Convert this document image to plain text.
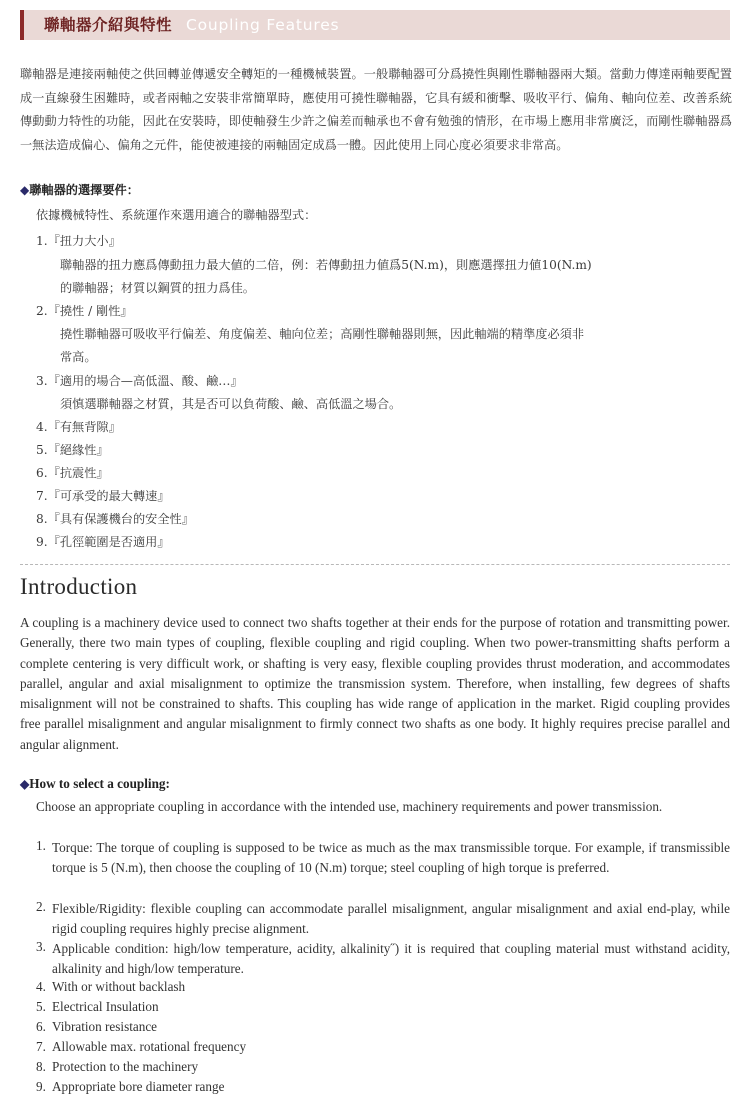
聯軸器介紹與特性 Coupling Features
聯軸器是連接兩軸使之供回轉並傳遞安全轉矩的一種機械裝置。一般聯軸器可分爲撓性與剛性聯軸器兩大類。當動力傳達兩軸要配置成一直線發生困難時，或者兩軸之安裝非常簡單時，應使用可撓性聯軸器，它具有緩和衝擊、吸收平行、偏角、軸向位差、改善系統傳動動力特性的功能，因此在安裝時，即使軸發生少許之偏差而軸承也不會有勉強的情形，在市場上應用非常廣泛，而剛性聯軸器爲一無法造成偏心、偏角之元件，能使被連接的兩軸固定成爲一體。因此使用上同心度必須要求非常高。
◆聯軸器的選擇要件：
依據機械特性、系統運作來選用適合的聯軸器型式：
1.『扭力大小』
聯軸器的扭力應爲傳動扭力最大値的二倍，例：若傳動扭力値爲5(N.m)，則應選擇扭力値10(N.m)
的聯軸器；材質以鋼質的扭力爲佳。
2.『撓性 / 剛性』
撓性聯軸器可吸收平行偏差、角度偏差、軸向位差；高剛性聯軸器則無，因此軸端的精準度必須非
常高。
3.『適用的場合—高低溫、酸、鹼…』
須慎選聯軸器之材質，其是否可以負荷酸、鹼、高低溫之場合。
4.『有無背隙』
5.『絕緣性』
6.『抗震性』
7.『可承受的最大轉速』
8.『具有保護機台的安全性』
9.『孔徑範圍是否適用』
Introduction
A coupling is a machinery device used to connect two shafts together at their ends for the purpose of rotation and transmitting power. Generally, there two main types of coupling, flexible coupling and rigid coupling. When two power-transmitting shafts perform a complete centering is very difficult work, or shafting is very easy, flexible coupling provides thrust moderation, and accommodates parallel, angular and axial misalignment to optimize the transmission system. Therefore, when installing, few degrees of shafts misalignment will not be constrained to shafts. This coupling has wide range of application in the market. Rigid coupling provides free parallel misalignment and angular misalignment to firmly connect two shafts as one body. It highly requires precise parallel and angular alignment.
◆How to select a coupling:
Choose an appropriate coupling in accordance with the intended use, machinery requirements and power transmission.
1. Torque: The torque of coupling is supposed to be twice as much as the max transmissible torque. For example, if transmissible torque is 5 (N.m), then choose the coupling of 10 (N.m) torque; steel coupling of high torque is preferred.
2. Flexible/Rigidity: flexible coupling can accommodate parallel misalignment, angular misalignment and axial end-play, while rigid coupling requires highly precise alignment.
3. Applicable condition: high/low temperature, acidity, alkalinity˝) it is required that coupling material must withstand acidity, alkalinity and high/low temperature.
4. With or without backlash
5. Electrical Insulation
6. Vibration resistance
7. Allowable max. rotational frequency
8. Protection to the machinery
9. Appropriate bore diameter range
